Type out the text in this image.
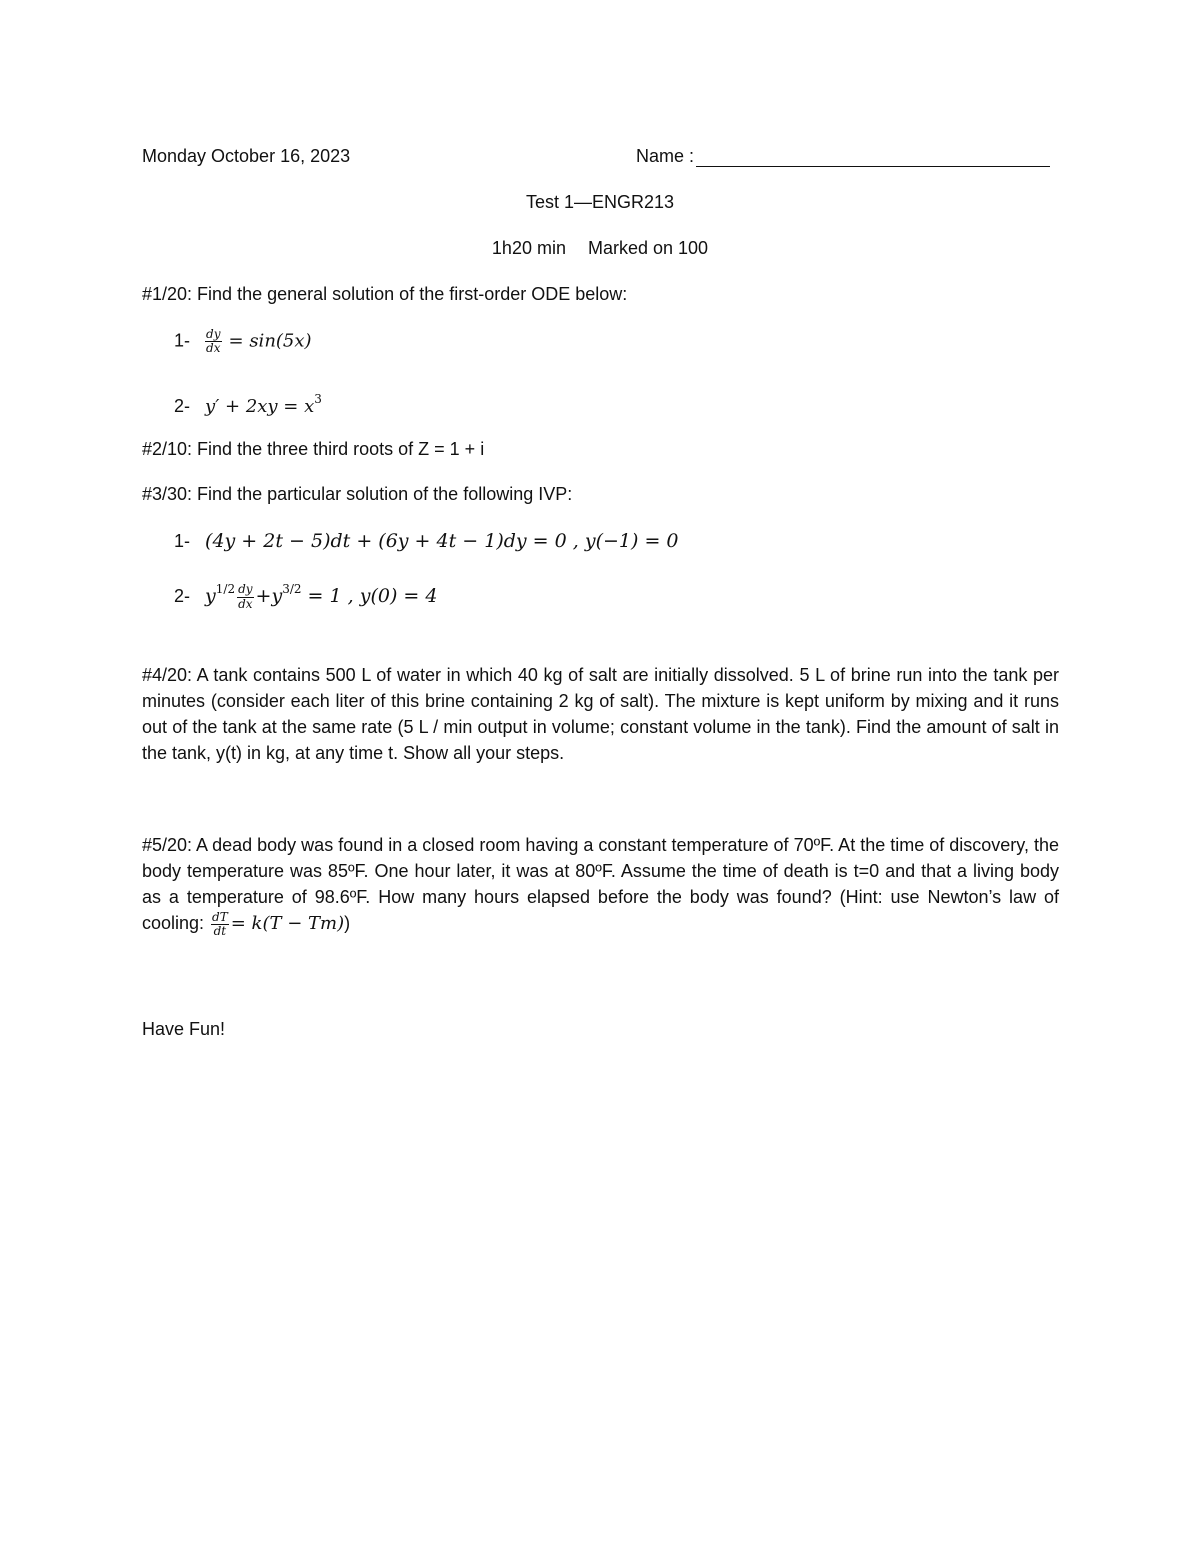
Monday October 16, 2023	Name :
Test 1—ENGR213
1h20 min Marked on 100
#1/20: Find the general solution of the first-order ODE below:
$1- \frac{dy}{dx} = \sin(5x)$
2- $y' + 2xy = x^3$
#2/10: Find the three third roots of Z = 1 + i
#3/30: Find the particular solution of the following IVP:
1- (4y + 2t − 5)dt + (6y + 4t − 1)dy = 0 , y(−1) = 0
2- $y^{1/2} \frac{dy}{dx} +y^{3/2} = 1$ , y(0) = 4
#4/20: A tank contains 500 L of water in which 40 kg of salt are initially dissolved. 5 L of brine run into the tank per minutes (consider each liter of this brine containing 2 kg of salt). The mixture is kept uniform by mixing and it runs out of the tank at the same rate (5 L / min output in volume; constant volume in the tank). Find the amount of salt in the tank, y(t) in kg, at any time t. Show all your steps.
#5/20: A dead body was found in a closed room having a constant temperature of 70ºF. At the time of discovery, the body temperature was 85ºF. One hour later, it was at 80ºF. Assume the time of death is t=0 and that a living body as a temperature of 98.6ºF. How many hours elapsed before the body was found? (Hint: use Newton’s law of cooling: $\frac{dT}{dt} = k(T - Tm)$)
Have Fun!
